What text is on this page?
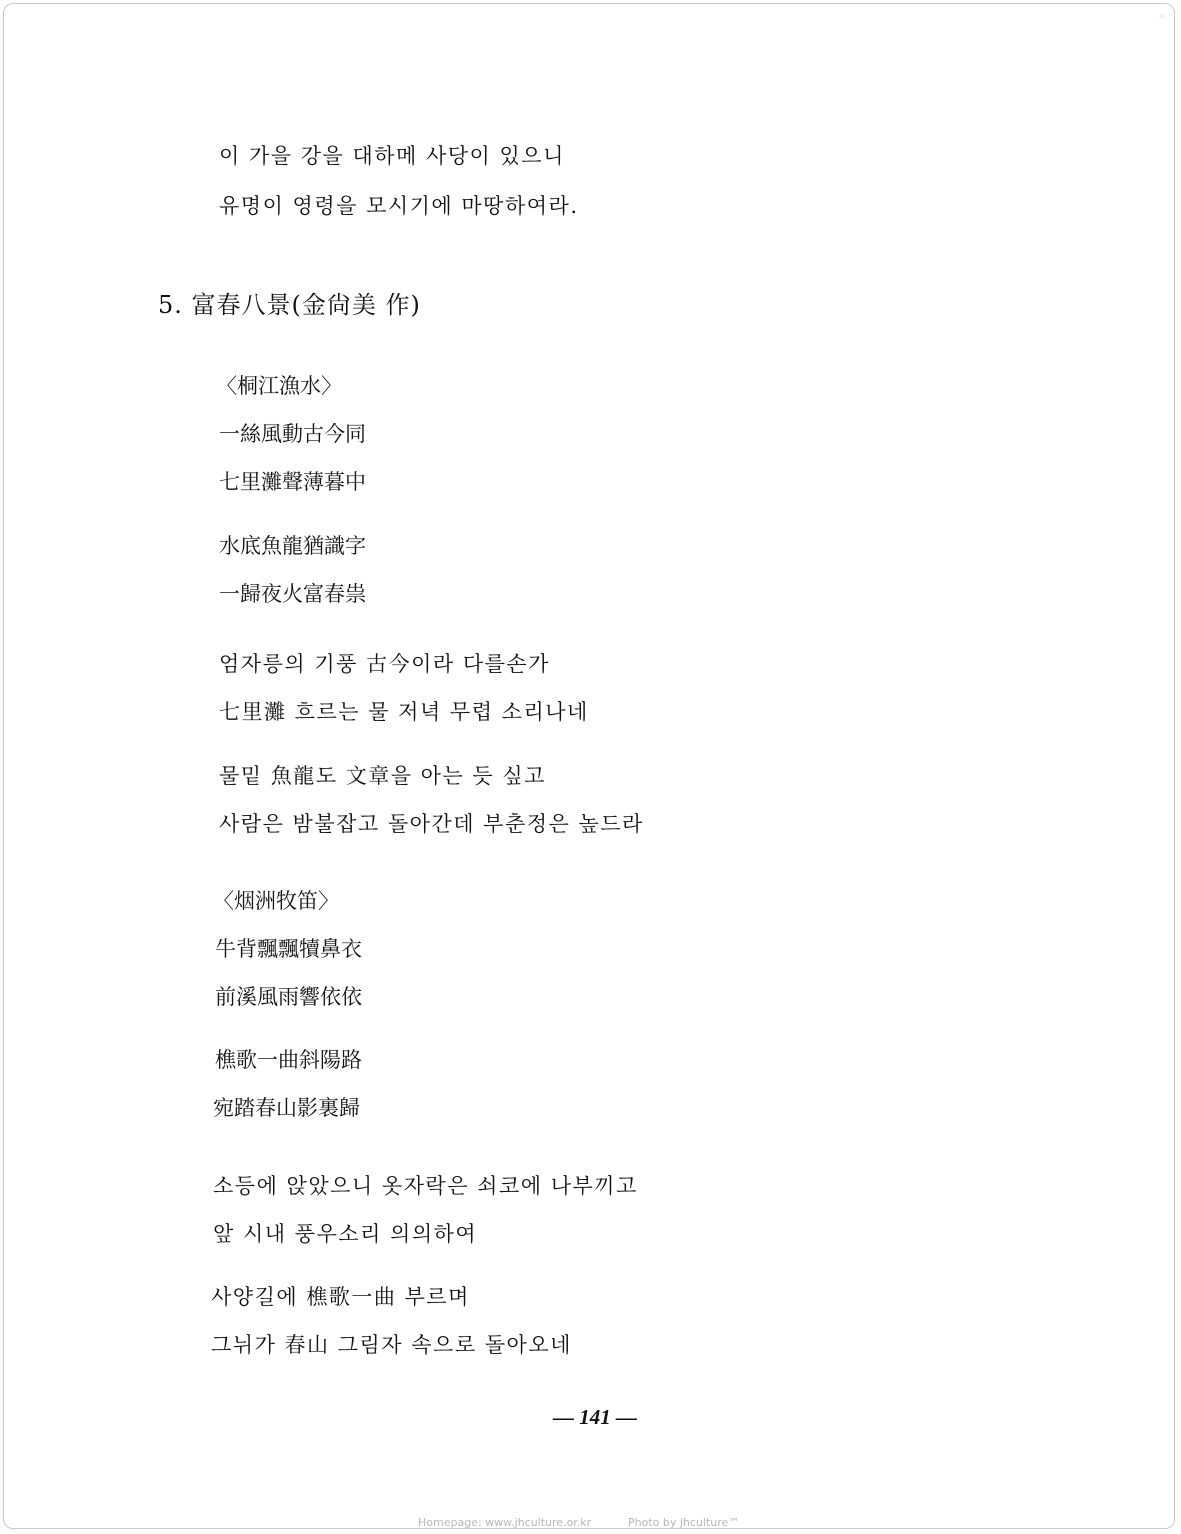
✦
이 가을 강을 대하메 사당이 있으니
유명이 영령을 모시기에 마땅하여라.
5. 富春八景(金尙美 作)
〈桐江漁水〉
一絲風動古今同
七里灘聲薄暮中
水底魚龍猶識字
一歸夜火富春祟
엄자릉의 기풍 古今이라 다를손가
七里灘 흐르는 물 저녁 무렵 소리나네
물밑 魚龍도 文章을 아는 듯 싶고
사람은 밤불잡고 돌아간데 부춘정은 높드라
〈烟洲牧笛〉
牛背飄飄犢鼻衣
前溪風雨響依依
樵歌一曲斜陽路
宛踏春山影裏歸
소등에 앉았으니 옷자락은 쇠코에 나부끼고
앞 시내 풍우소리 의의하여
사양길에 樵歌一曲 부르며
그뉘가 春山 그림자 속으로 돌아오네
— 141 —
Homepage: www.jhculture.or.kr	Photo by jhculture™
